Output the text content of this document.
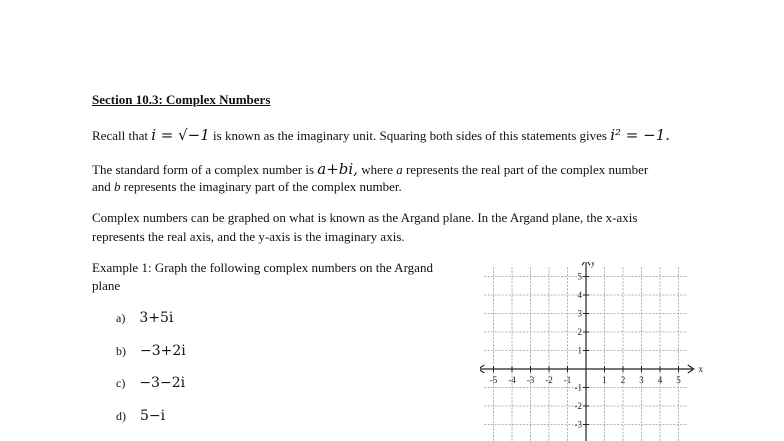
Section 10.3: Complex Numbers
Recall that i = √−1 is known as the imaginary unit. Squaring both sides of this statements gives i² = −1.
The standard form of a complex number is a+bi, where a represents the real part of the complex number
and b represents the imaginary part of the complex number.
Complex numbers can be graphed on what is known as the Argand plane. In the Argand plane, the x-axis
represents the real axis, and the y-axis is the imaginary axis.
Example 1: Graph the following complex numbers on the Argand
plane
a) 3+5i
b) −3+2i
c) −3−2i
d) 5−i
-5 -4 -3 -2 -1	1 2 3 4 5
5
4
3
2
1
-1
-2
-3
x
y
